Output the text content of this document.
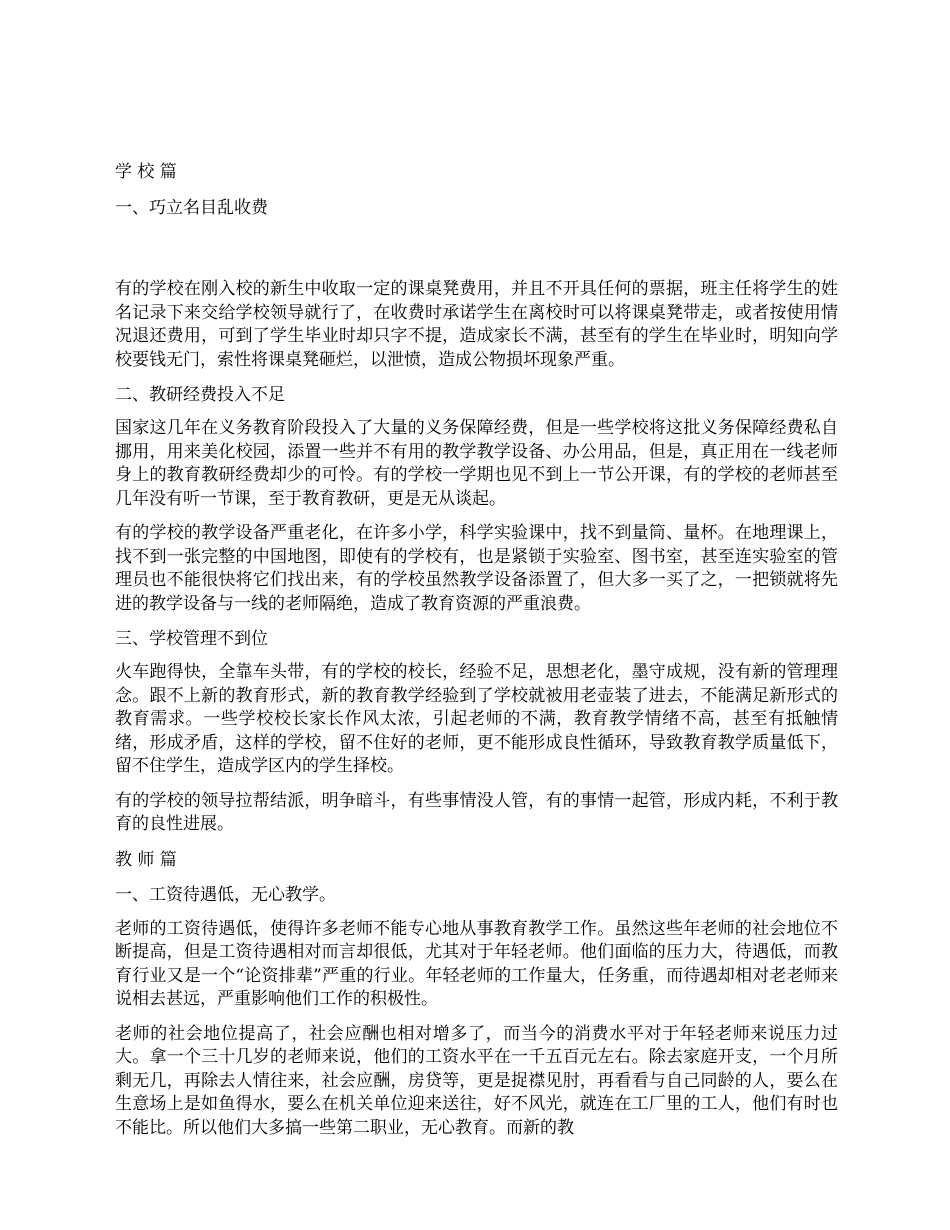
学 校 篇

一、巧立名目乱收费

有的学校在刚入校的新生中收取一定的课桌凳费用，并且不开具任何的票据，班主任将学生的姓名记录下来交给学校领导就行了，在收费时承诺学生在离校时可以将课桌凳带走，或者按使用情况退还费用，可到了学生毕业时却只字不提，造成家长不满，甚至有的学生在毕业时，明知向学校要钱无门，索性将课桌凳砸烂，以泄愤，造成公物损坏现象严重。

二、教研经费投入不足

国家这几年在义务教育阶段投入了大量的义务保障经费，但是一些学校将这批义务保障经费私自挪用，用来美化校园，添置一些并不有用的教学教学设备、办公用品，但是，真正用在一线老师身上的教育教研经费却少的可怜。有的学校一学期也见不到上一节公开课，有的学校的老师甚至几年没有听一节课，至于教育教研，更是无从谈起。

有的学校的教学设备严重老化，在许多小学，科学实验课中，找不到量筒、量杯。在地理课上，找不到一张完整的中国地图，即使有的学校有，也是紧锁于实验室、图书室，甚至连实验室的管理员也不能很快将它们找出来，有的学校虽然教学设备添置了，但大多一买了之，一把锁就将先进的教学设备与一线的老师隔绝，造成了教育资源的严重浪费。

三、学校管理不到位

火车跑得快，全靠车头带，有的学校的校长，经验不足，思想老化，墨守成规，没有新的管理理念。跟不上新的教育形式，新的教育教学经验到了学校就被用老壶装了进去，不能满足新形式的教育需求。一些学校校长家长作风太浓，引起老师的不满，教育教学情绪不高，甚至有抵触情绪，形成矛盾，这样的学校，留不住好的老师，更不能形成良性循环，导致教育教学质量低下，留不住学生，造成学区内的学生择校。

有的学校的领导拉帮结派，明争暗斗，有些事情没人管，有的事情一起管，形成内耗，不利于教育的良性进展。

教 师 篇

一、工资待遇低，无心教学。

老师的工资待遇低，使得许多老师不能专心地从事教育教学工作。虽然这些年老师的社会地位不断提高，但是工资待遇相对而言却很低，尤其对于年轻老师。他们面临的压力大，待遇低，而教育行业又是一个“论资排辈”严重的行业。年轻老师的工作量大，任务重，而待遇却相对老老师来说相去甚远，严重影响他们工作的积极性。

老师的社会地位提高了，社会应酬也相对增多了，而当今的消费水平对于年轻老师来说压力过大。拿一个三十几岁的老师来说，他们的工资水平在一千五百元左右。除去家庭开支，一个月所剩无几，再除去人情往来，社会应酬，房贷等，更是捉襟见肘，再看看与自己同龄的人，要么在生意场上是如鱼得水，要么在机关单位迎来送往，好不风光，就连在工厂里的工人，他们有时也不能比。所以他们大多搞一些第二职业，无心教育。而新的教
